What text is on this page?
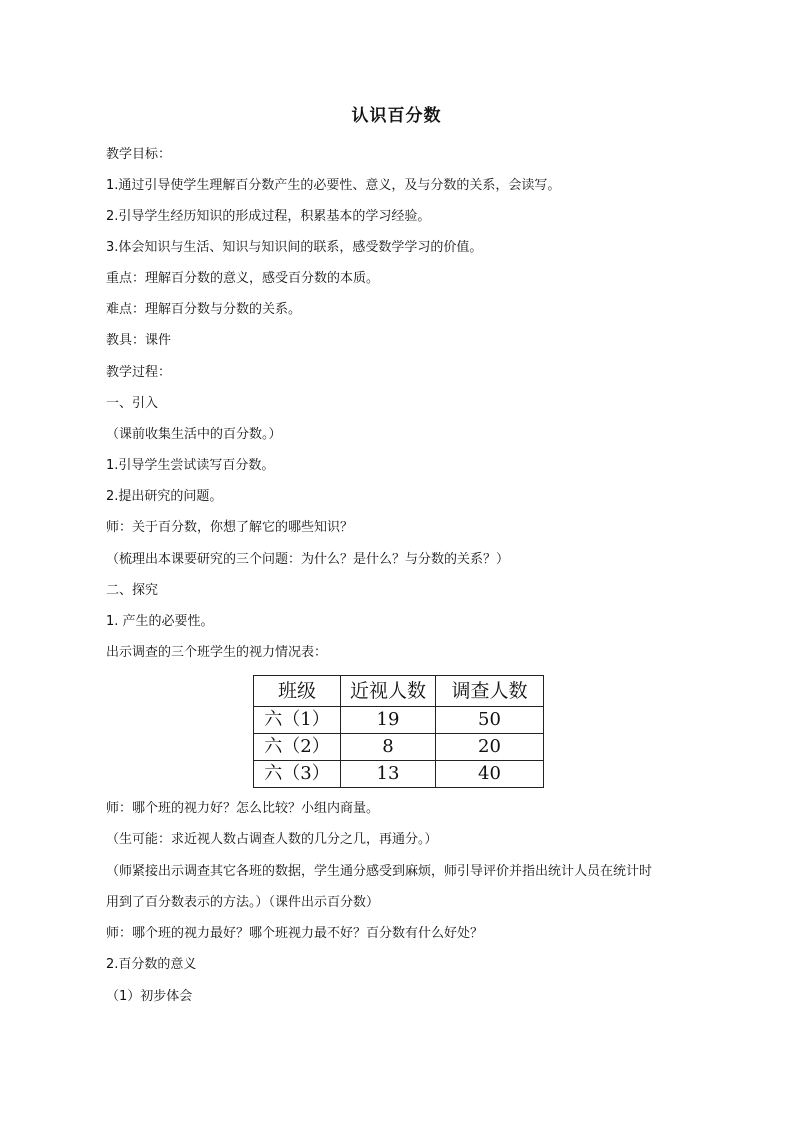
认识百分数
教学目标：
1.通过引导使学生理解百分数产生的必要性、意义，及与分数的关系，会读写。
2.引导学生经历知识的形成过程，积累基本的学习经验。
3.体会知识与生活、知识与知识间的联系，感受数学学习的价值。
重点：理解百分数的意义，感受百分数的本质。
难点：理解百分数与分数的关系。
教具：课件
教学过程：
一、引入
（课前收集生活中的百分数。）
1.引导学生尝试读写百分数。
2.提出研究的问题。
师：关于百分数，你想了解它的哪些知识？
（梳理出本课要研究的三个问题：为什么？是什么？与分数的关系？）
二、探究
1. 产生的必要性。
出示调查的三个班学生的视力情况表：
班级	近视人数	调查人数
六（1）	19	50
六（2）	8	20
六（3）	13	40
师：哪个班的视力好？怎么比较？小组内商量。
（生可能：求近视人数占调查人数的几分之几，再通分。）
（师紧接出示调查其它各班的数据，学生通分感受到麻烦，师引导评价并指出统计人员在统计时
用到了百分数表示的方法。）（课件出示百分数）
师：哪个班的视力最好？哪个班视力最不好？百分数有什么好处？
2.百分数的意义
（1）初步体会
